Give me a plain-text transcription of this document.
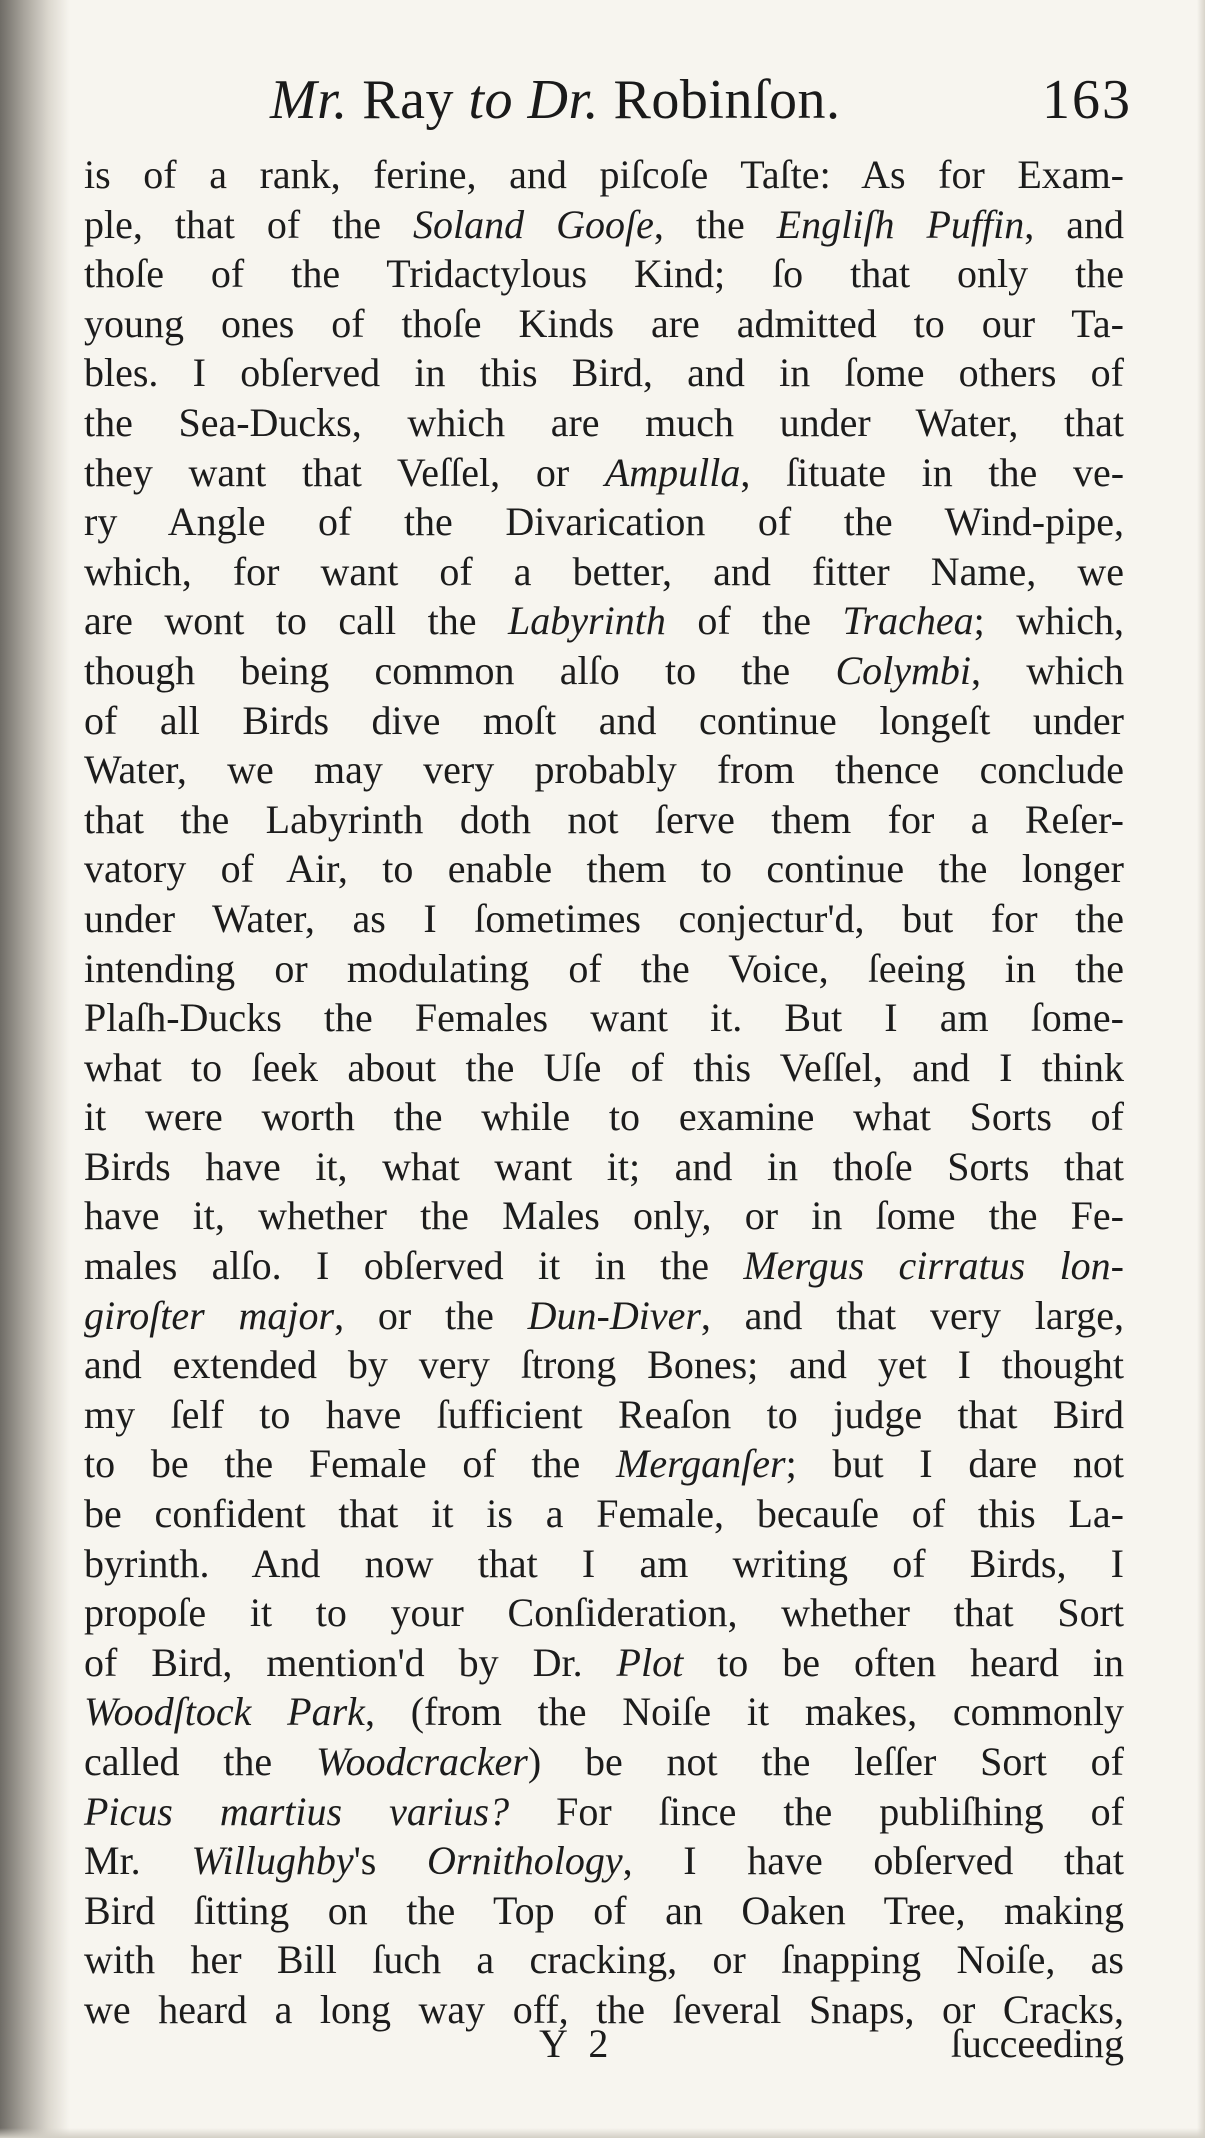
Mr. Ray to Dr. Robinſon.	163
is of a rank, ferine, and piſcoſe Taſte: As for Exam-
ple, that of the Soland Gooſe, the Engliſh Puffin, and
thoſe of the Tridactylous Kind; ſo that only the
young ones of thoſe Kinds are admitted to our Ta-
bles. I obſerved in this Bird, and in ſome others of
the Sea-Ducks, which are much under Water, that
they want that Veſſel, or Ampulla, ſituate in the ve-
ry Angle of the Divarication of the Wind-pipe,
which, for want of a better, and fitter Name, we
are wont to call the Labyrinth of the Trachea; which,
though being common alſo to the Colymbi, which
of all Birds dive moſt and continue longeſt under
Water, we may very probably from thence conclude
that the Labyrinth doth not ſerve them for a Reſer-
vatory of Air, to enable them to continue the longer
under Water, as I ſometimes conjectur'd, but for the
intending or modulating of the Voice, ſeeing in the
Plaſh-Ducks the Females want it. But I am ſome-
what to ſeek about the Uſe of this Veſſel, and I think
it were worth the while to examine what Sorts of
Birds have it, what want it; and in thoſe Sorts that
have it, whether the Males only, or in ſome the Fe-
males alſo. I obſerved it in the Mergus cirratus lon-
giroſter major, or the Dun-Diver, and that very large,
and extended by very ſtrong Bones; and yet I thought
my ſelf to have ſufficient Reaſon to judge that Bird
to be the Female of the Merganſer; but I dare not
be confident that it is a Female, becauſe of this La-
byrinth. And now that I am writing of Birds, I
propoſe it to your Conſideration, whether that Sort
of Bird, mention'd by Dr. Plot to be often heard in
Woodſtock Park, (from the Noiſe it makes, commonly
called the Woodcracker) be not the leſſer Sort of
Picus martius varius? For ſince the publiſhing of
Mr. Willughby's Ornithology, I have obſerved that
Bird ſitting on the Top of an Oaken Tree, making
with her Bill ſuch a cracking, or ſnapping Noiſe, as
we heard a long way off, the ſeveral Snaps, or Cracks,
Y 2	ſucceeding
